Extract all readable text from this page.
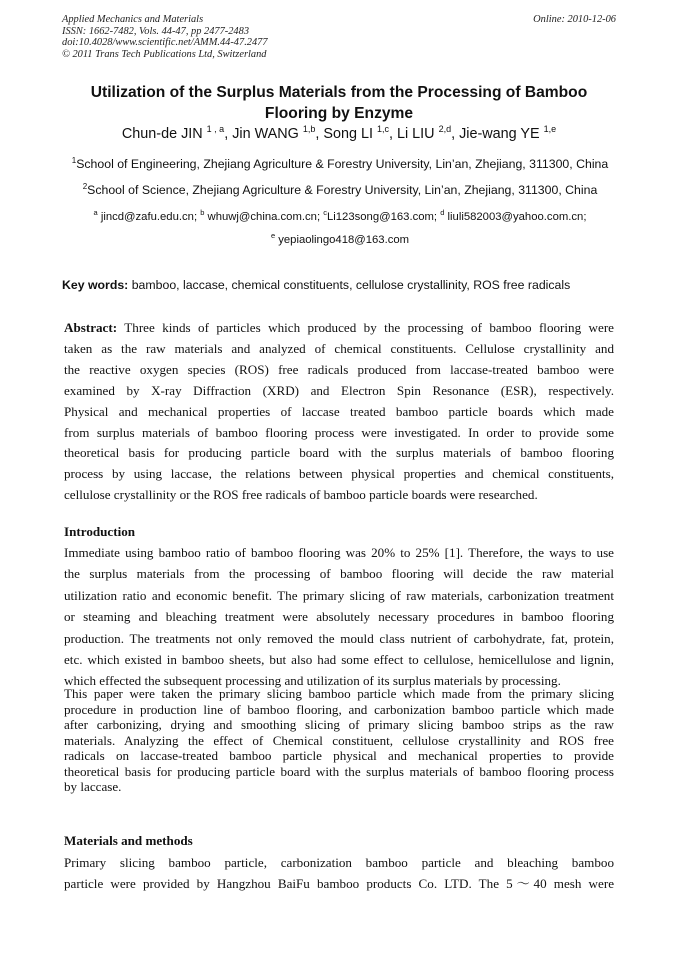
Applied Mechanics and Materials
ISSN: 1662-7482, Vols. 44-47, pp 2477-2483
doi:10.4028/www.scientific.net/AMM.44-47.2477
© 2011 Trans Tech Publications Ltd, Switzerland
Online: 2010-12-06
Utilization of the Surplus Materials from the Processing of Bamboo
Flooring by Enzyme
Chun-de JIN $^{1 , a}$, Jin WANG $^{1,b}$, Song LI $^{1,c}$, Li LIU $^{2,d}$, Jie-wang YE $^{1,e}$
$^1$School of Engineering, Zhejiang Agriculture & Forestry University, Lin’an, Zhejiang, 311300, China
$^2$School of Science, Zhejiang Agriculture & Forestry University, Lin’an, Zhejiang, 311300, China
$^a$ jincd@zafu.edu.cn; $^b$ whuwj@china.com.cn; $^c$Li123song@163.com; $^d$ liuli582003@yahoo.com.cn;
$^e$ yepiaolingo418@163.com
Key words: bamboo, laccase, chemical constituents, cellulose crystallinity, ROS free radicals
Abstract: Three kinds of particles which produced by the processing of bamboo flooring were
taken as the raw materials and analyzed of chemical constituents. Cellulose crystallinity and
the reactive oxygen species (ROS) free radicals produced from laccase-treated bamboo were
examined by X-ray Diffraction (XRD) and Electron Spin Resonance (ESR), respectively.
Physical and mechanical properties of laccase treated bamboo particle boards which made
from surplus materials of bamboo flooring process were investigated. In order to provide some
theoretical basis for producing particle board with the surplus materials of bamboo flooring
process by using laccase, the relations between physical properties and chemical constituents,
cellulose crystallinity or the ROS free radicals of bamboo particle boards were researched.
Introduction
Immediate using bamboo ratio of bamboo flooring was 20% to 25% [1]. Therefore, the ways to use
the surplus materials from the processing of bamboo flooring will decide the raw material
utilization ratio and economic benefit. The primary slicing of raw materials, carbonization treatment
or steaming and bleaching treatment were absolutely necessary procedures in bamboo flooring
production. The treatments not only removed the mould class nutrient of carbohydrate, fat, protein,
etc. which existed in bamboo sheets, but also had some effect to cellulose, hemicellulose and lignin,
which effected the subsequent processing and utilization of its surplus materials by processing.
This paper were taken the primary slicing bamboo particle which made from the primary slicing
procedure in production line of bamboo flooring, and carbonization bamboo particle which made
after carbonizing, drying and smoothing slicing of primary slicing bamboo strips as the raw
materials. Analyzing the effect of Chemical constituent, cellulose crystallinity and ROS free
radicals on laccase-treated bamboo particle physical and mechanical properties to provide
theoretical basis for producing particle board with the surplus materials of bamboo flooring process
by laccase.
Materials and methods
Primary slicing bamboo particle, carbonization bamboo particle and bleaching bamboo
particle were provided by Hangzhou BaiFu bamboo products Co. LTD. The 5～40 mesh were
